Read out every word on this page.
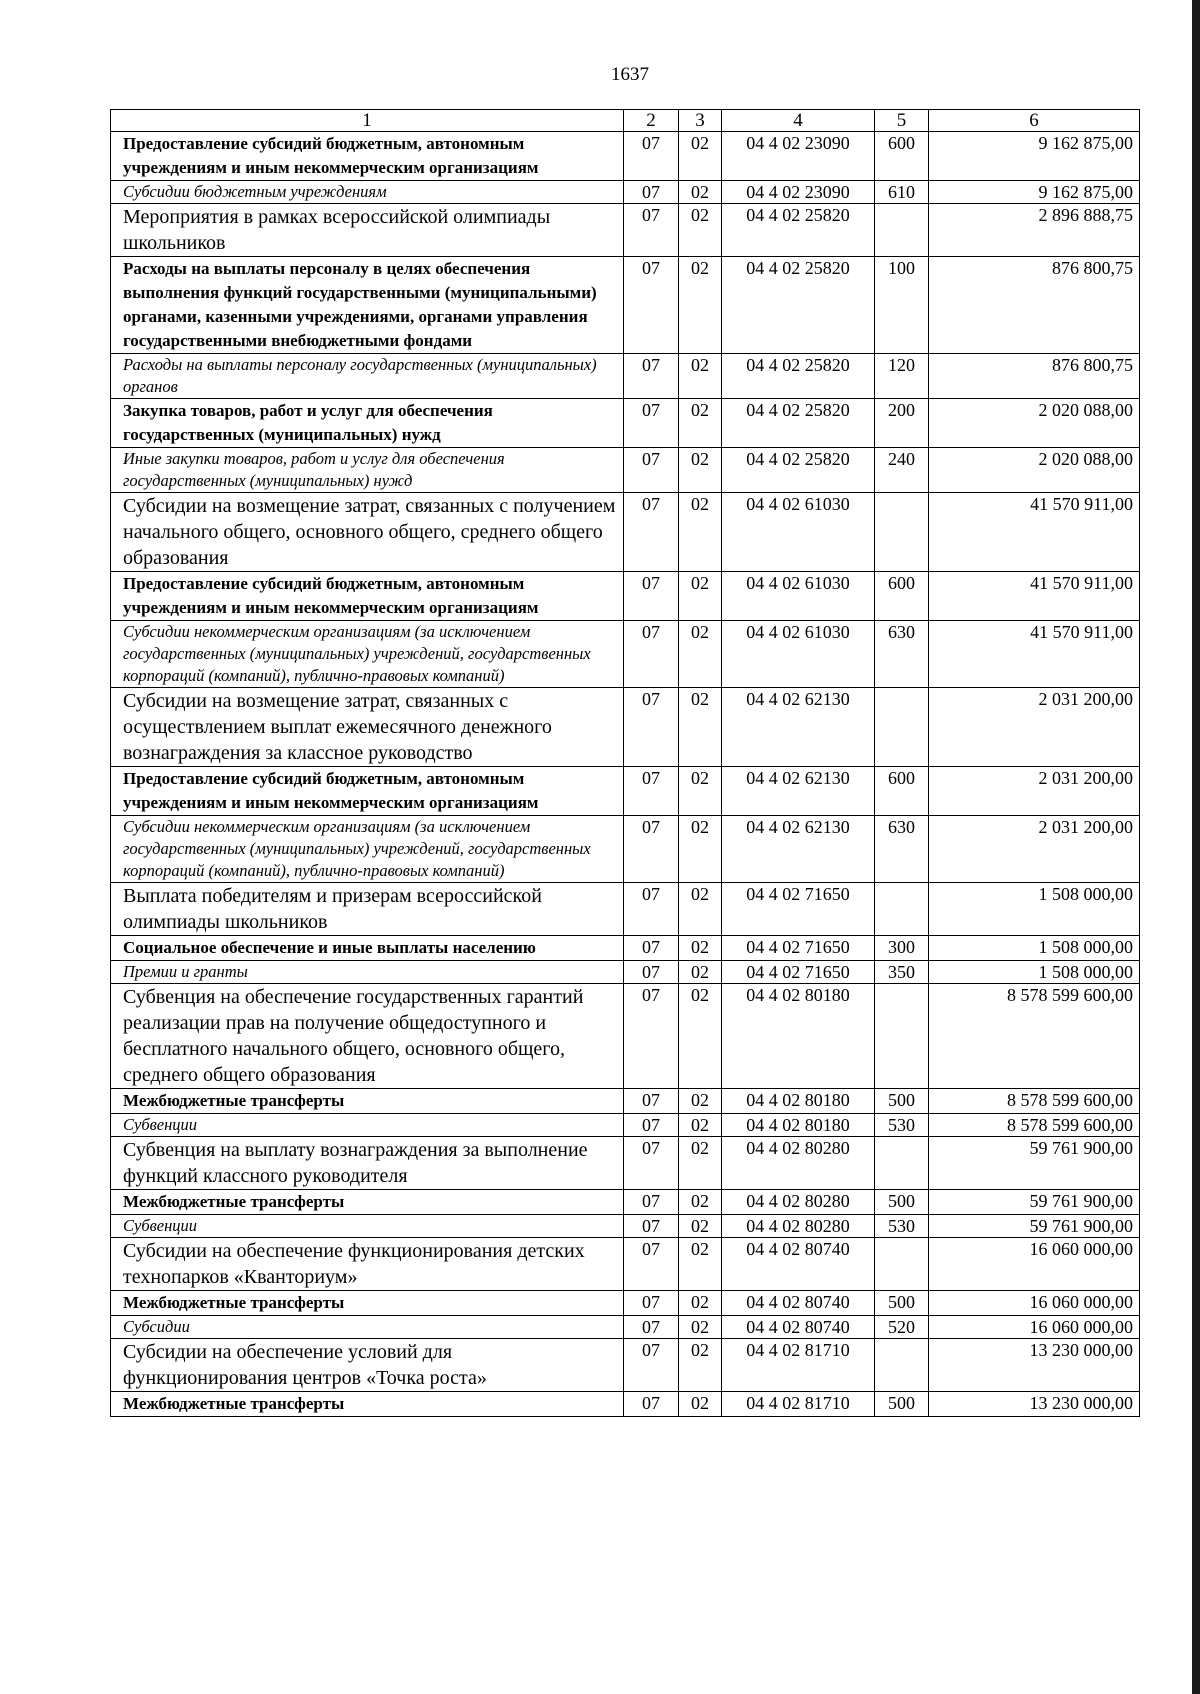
1637
1	2	3	4	5	6
Предоставление субсидий бюджетным, автономным учреждениям и иным некоммерческим организациям	07	02	04 4 02 23090	600	9 162 875,00
Субсидии бюджетным учреждениям	07	02	04 4 02 23090	610	9 162 875,00
Мероприятия в рамках всероссийской олимпиады школьников	07	02	04 4 02 25820		2 896 888,75
Расходы на выплаты персоналу в целях обеспечения выполнения функций государственными (муниципальными) органами, казенными учреждениями, органами управления государственными внебюджетными фондами	07	02	04 4 02 25820	100	876 800,75
Расходы на выплаты персоналу государственных (муниципальных) органов	07	02	04 4 02 25820	120	876 800,75
Закупка товаров, работ и услуг для обеспечения государственных (муниципальных) нужд	07	02	04 4 02 25820	200	2 020 088,00
Иные закупки товаров, работ и услуг для обеспечения государственных (муниципальных) нужд	07	02	04 4 02 25820	240	2 020 088,00
Субсидии на возмещение затрат, связанных с получением начального общего, основного общего, среднего общего образования	07	02	04 4 02 61030		41 570 911,00
Предоставление субсидий бюджетным, автономным учреждениям и иным некоммерческим организациям	07	02	04 4 02 61030	600	41 570 911,00
Субсидии некоммерческим организациям (за исключением государственных (муниципальных) учреждений, государственных корпораций (компаний), публично-правовых компаний)	07	02	04 4 02 61030	630	41 570 911,00
Субсидии на возмещение затрат, связанных с осуществлением выплат ежемесячного денежного вознаграждения за классное руководство	07	02	04 4 02 62130		2 031 200,00
Предоставление субсидий бюджетным, автономным учреждениям и иным некоммерческим организациям	07	02	04 4 02 62130	600	2 031 200,00
Субсидии некоммерческим организациям (за исключением государственных (муниципальных) учреждений, государственных корпораций (компаний), публично-правовых компаний)	07	02	04 4 02 62130	630	2 031 200,00
Выплата победителям и призерам всероссийской олимпиады школьников	07	02	04 4 02 71650		1 508 000,00
Социальное обеспечение и иные выплаты населению	07	02	04 4 02 71650	300	1 508 000,00
Премии и гранты	07	02	04 4 02 71650	350	1 508 000,00
Субвенция на обеспечение государственных гарантий реализации прав на получение общедоступного и бесплатного начального общего, основного общего, среднего общего образования	07	02	04 4 02 80180		8 578 599 600,00
Межбюджетные трансферты	07	02	04 4 02 80180	500	8 578 599 600,00
Субвенции	07	02	04 4 02 80180	530	8 578 599 600,00
Субвенция на выплату вознаграждения за выполнение функций классного руководителя	07	02	04 4 02 80280		59 761 900,00
Межбюджетные трансферты	07	02	04 4 02 80280	500	59 761 900,00
Субвенции	07	02	04 4 02 80280	530	59 761 900,00
Субсидии на обеспечение функционирования детских технопарков «Кванториум»	07	02	04 4 02 80740		16 060 000,00
Межбюджетные трансферты	07	02	04 4 02 80740	500	16 060 000,00
Субсидии	07	02	04 4 02 80740	520	16 060 000,00
Субсидии на обеспечение условий для функционирования центров «Точка роста»	07	02	04 4 02 81710		13 230 000,00
Межбюджетные трансферты	07	02	04 4 02 81710	500	13 230 000,00
